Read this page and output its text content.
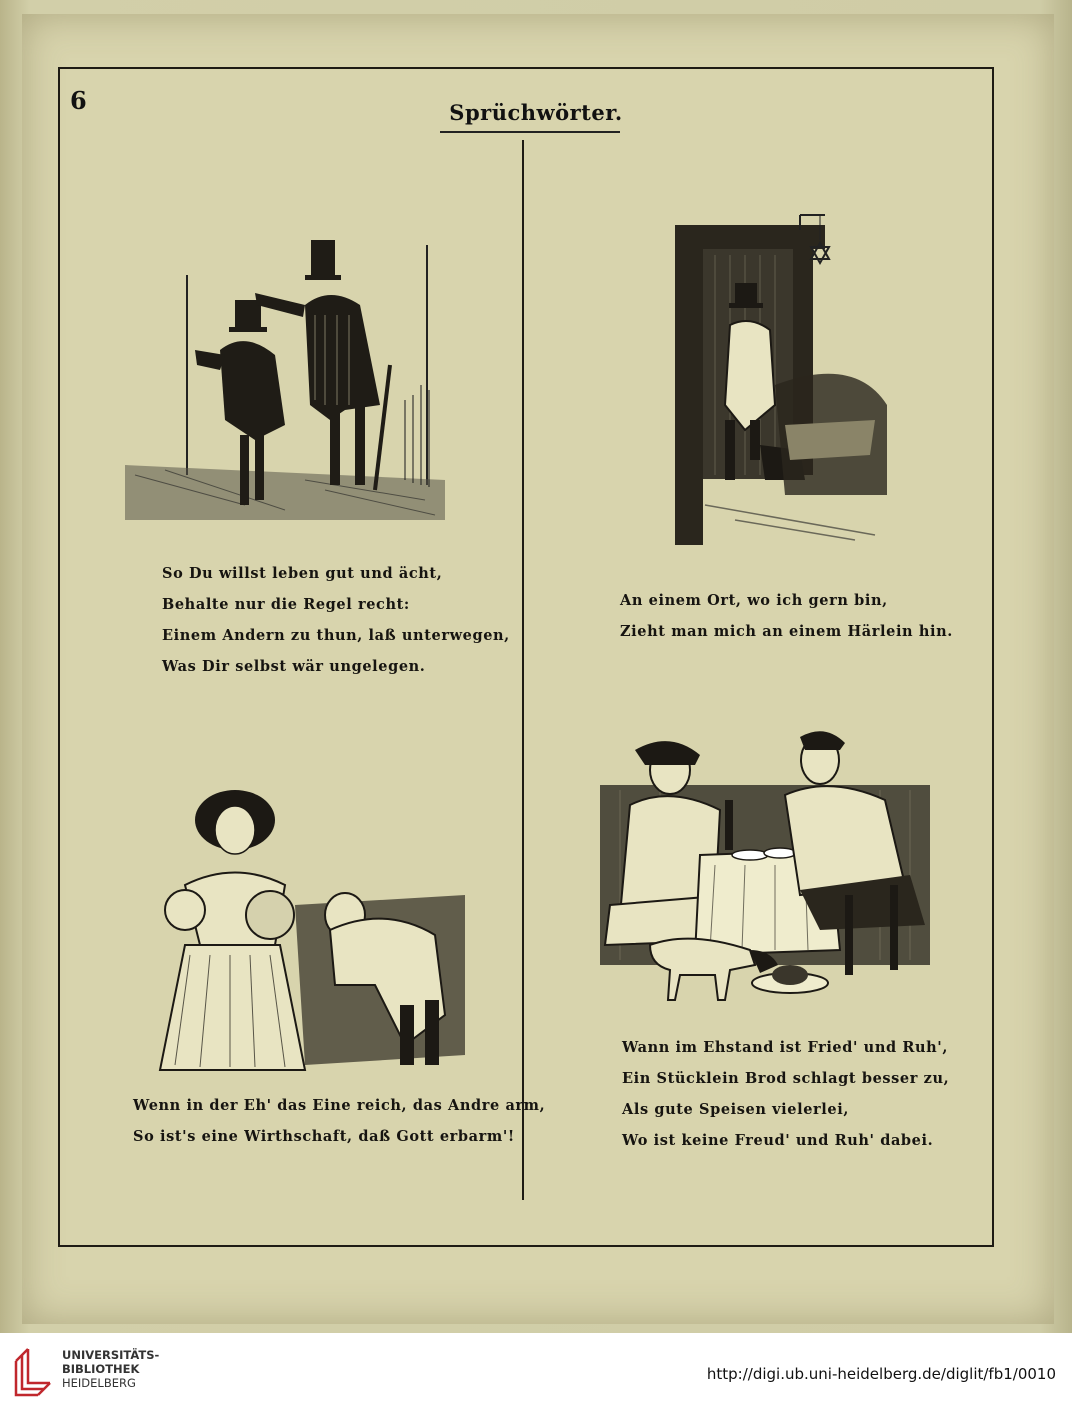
6	Sprüchwörter.
So Du willst leben gut und ächt,
Behalte nur die Regel recht:
Einem Andern zu thun, laß unterwegen,
Was Dir selbst wär ungelegen.
An einem Ort, wo ich gern bin,
Zieht man mich an einem Härlein hin.
Wenn in der Eh' das Eine reich, das Andre arm,
So ist's eine Wirthschaft, daß Gott erbarm'!
Wann im Ehstand ist Fried' und Ruh',
Ein Stücklein Brod schlagt besser zu,
Als gute Speisen vielerlei,
Wo ist keine Freud' und Ruh' dabei.
UNIVERSITÄTS-
BIBLIOTHEK
HEIDELBERG	http://digi.ub.uni-heidelberg.de/diglit/fb1/0010
